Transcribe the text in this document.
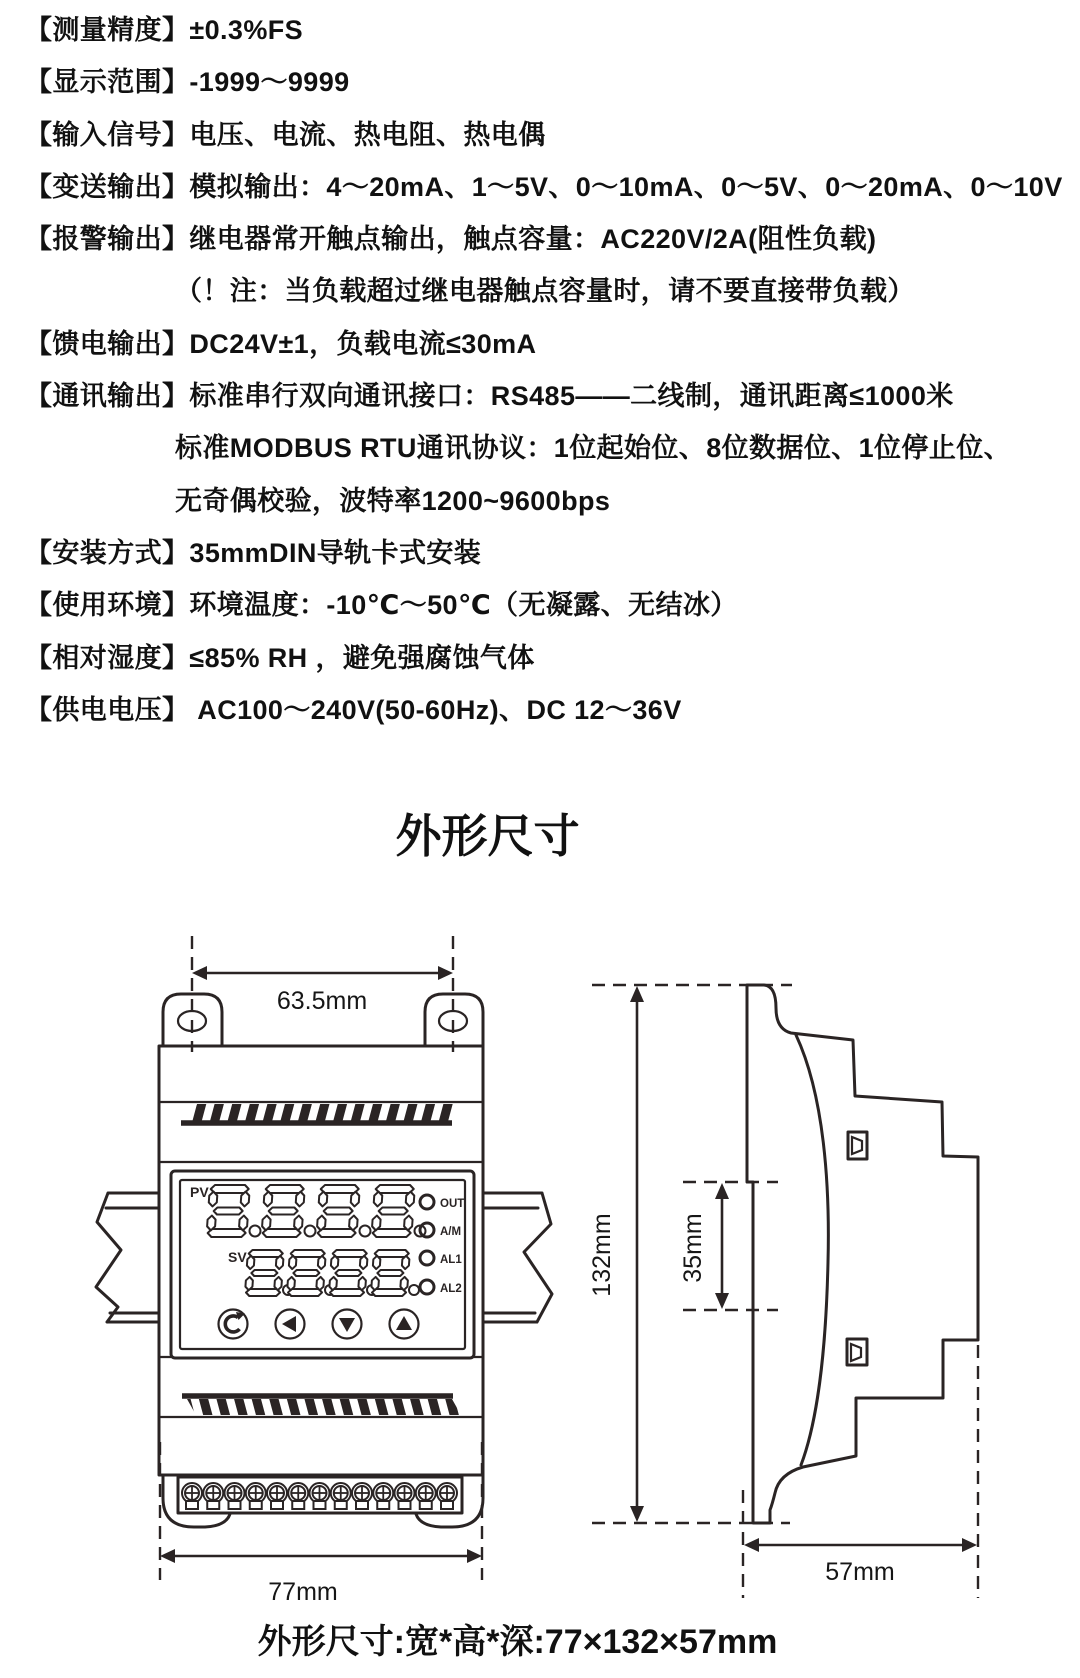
【测量精度】±0.3%FS
【显示范围】-1999～9999
【输入信号】电压、电流、热电阻、热电偶
【变送输出】模拟输出：4～20mA、1～5V、0～10mA、0～5V、0～20mA、0～10V
【报警输出】继电器常开触点输出，触点容量：AC220V/2A(阻性负载)
（！注：当负载超过继电器触点容量时，请不要直接带负载）
【馈电输出】DC24V±1，负载电流≤30mA
【通讯输出】标准串行双向通讯接口：RS485——二线制，通讯距离≤1000米
标准MODBUS RTU通讯协议：1位起始位、8位数据位、1位停止位、
无奇偶校验，波特率1200~9600bps
【安装方式】35mmDIN导轨卡式安装
【使用环境】环境温度：-10℃～50℃（无凝露、无结冰）
【相对湿度】≤85% RH ，避免强腐蚀气体
【供电电压】 AC100～240V(50-60Hz)、DC 12～36V
PV
SV
OUT
A/M
AL1
AL2
63.5mm
77mm
132mm	35mm
57mm
外形尺寸
外形尺寸:宽*高*深:77×132×57mm
